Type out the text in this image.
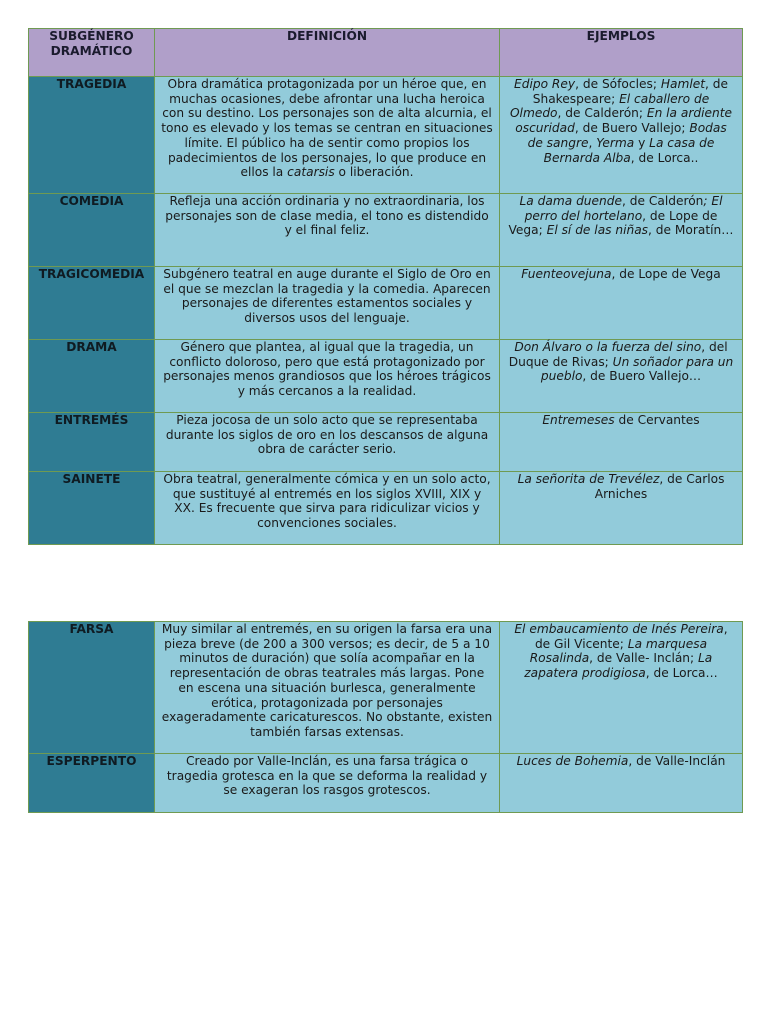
SUBGÉNERO DRAMÁTICO	DEFINICIÓN	EJEMPLOS
TRAGEDIA	Obra dramática protagonizada por un héroe que, en muchas ocasiones, debe afrontar una lucha heroica con su destino. Los personajes son de alta alcurnia, el tono es elevado y los temas se centran en situaciones límite. El público ha de sentir como propios los padecimientos de los personajes, lo que produce en ellos la catarsis o liberación.	Edipo Rey, de Sófocles; Hamlet, de Shakespeare; El caballero de Olmedo, de Calderón; En la ardiente oscuridad, de Buero Vallejo; Bodas de sangre, Yerma y La casa de Bernarda Alba, de Lorca..
COMEDIA	Refleja una acción ordinaria y no extraordinaria, los personajes son de clase media, el tono es distendido y el final feliz.	La dama duende, de Calderón; El perro del hortelano, de Lope de Vega; El sí de las niñas, de Moratín…
TRAGICOMEDIA	Subgénero teatral en auge durante el Siglo de Oro en el que se mezclan la tragedia y la comedia. Aparecen personajes de diferentes estamentos sociales y diversos usos del lenguaje.	Fuenteovejuna, de Lope de Vega
DRAMA	Género que plantea, al igual que la tragedia, un conflicto doloroso, pero que está protagonizado por personajes menos grandiosos que los héroes trágicos y más cercanos a la realidad.	Don Álvaro o la fuerza del sino, del Duque de Rivas; Un soñador para un pueblo, de Buero Vallejo…
ENTREMÉS	Pieza jocosa de un solo acto que se representaba durante los siglos de oro en los descansos de alguna obra de carácter serio.	Entremeses de Cervantes
SAINETE	Obra teatral, generalmente cómica y en un solo acto, que sustituyé al entremés en los siglos XVIII, XIX y XX. Es frecuente que sirva para ridiculizar vicios y convenciones sociales.	La señorita de Trevélez, de Carlos Arniches
FARSA	Muy similar al entremés, en su origen la farsa era una pieza breve (de 200 a 300 versos; es decir, de 5 a 10 minutos de duración) que solía acompañar en la representación de obras teatrales más largas. Pone en escena una situación burlesca, generalmente erótica, protagonizada por personajes exageradamente caricaturescos. No obstante, existen también farsas extensas.	El embaucamiento de Inés Pereira, de Gil Vicente; La marquesa Rosalinda, de Valle- Inclán; La zapatera prodigiosa, de Lorca…
ESPERPENTO	Creado por Valle-Inclán, es una farsa trágica o tragedia grotesca en la que se deforma la realidad y se exageran los rasgos grotescos.	Luces de Bohemia, de Valle-Inclán
